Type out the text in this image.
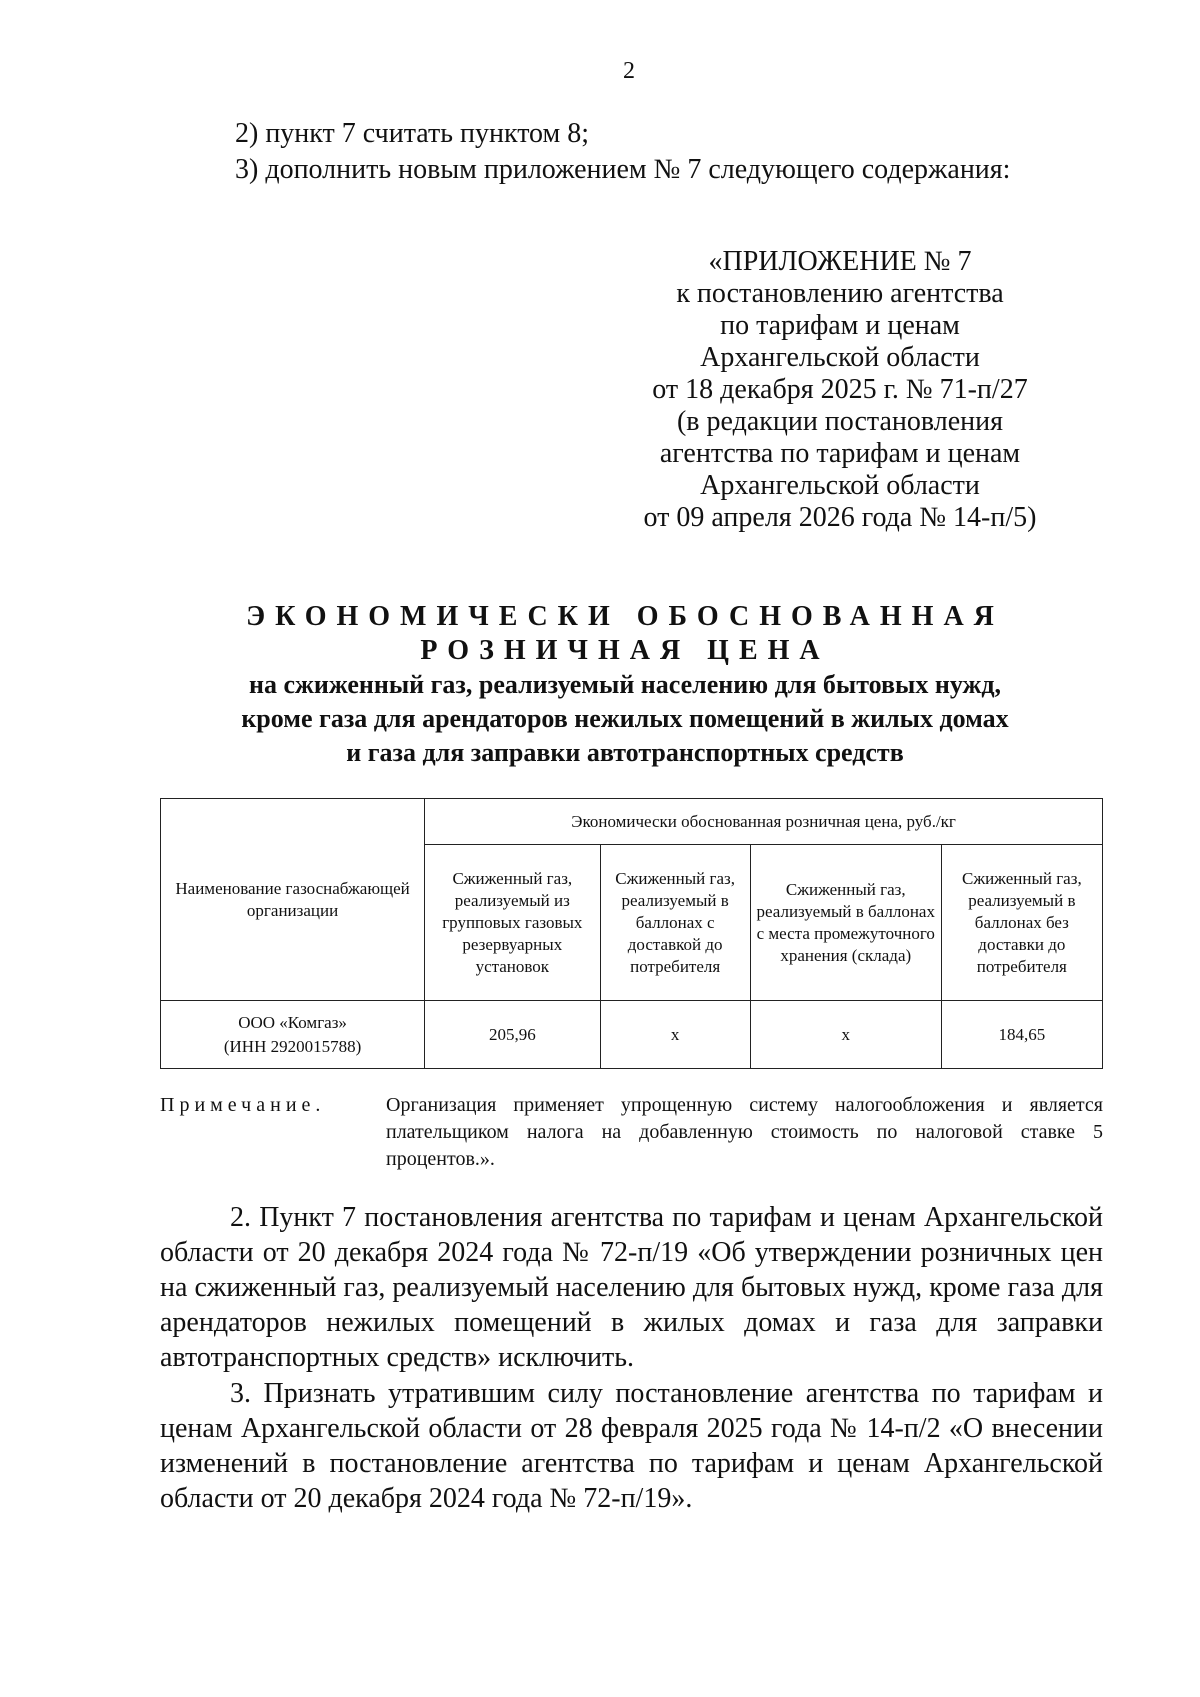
2
2) пункт 7 считать пунктом 8;
3) дополнить новым приложением № 7 следующего содержания:
«ПРИЛОЖЕНИЕ № 7
к постановлению агентства
по тарифам и ценам
Архангельской области
от 18 декабря 2025 г. № 71-п/27
(в редакции постановления
агентства по тарифам и ценам
Архангельской области
от 09 апреля 2026 года № 14-п/5)
ЭКОНОМИЧЕСКИ ОБОСНОВАННАЯ
РОЗНИЧНАЯ ЦЕНА
на сжиженный газ, реализуемый населению для бытовых нужд,
кроме газа для арендаторов нежилых помещений в жилых домах
и газа для заправки автотранспортных средств
Наименование газоснабжающей организации	Экономически обоснованная розничная цена, руб./кг			
	Сжиженный газ, реализуемый из групповых газовых резервуарных установок	Сжиженный газ, реализуемый в баллонах с доставкой до потребителя	Сжиженный газ, реализуемый в баллонах с места промежуточного хранения (склада)	Сжиженный газ, реализуемый в баллонах без доставки до потребителя

ООО «Комгаз»
(ИНН 2920015788)	205,96	х	х	184,65
Примечание.	Организация применяет упрощенную систему налогообложения и является плательщиком налога на добавленную стоимость по налоговой ставке 5 процентов.».
2. Пункт 7 постановления агентства по тарифам и ценам Архангельской области от 20 декабря 2024 года № 72-п/19 «Об утверждении розничных цен на сжиженный газ, реализуемый населению для бытовых нужд, кроме газа для арендаторов нежилых помещений в жилых домах и газа для заправки автотранспортных средств» исключить.
3. Признать утратившим силу постановление агентства по тарифам и ценам Архангельской области от 28 февраля 2025 года № 14-п/2 «О внесении изменений в постановление агентства по тарифам и ценам Архангельской области от 20 декабря 2024 года № 72-п/19».
